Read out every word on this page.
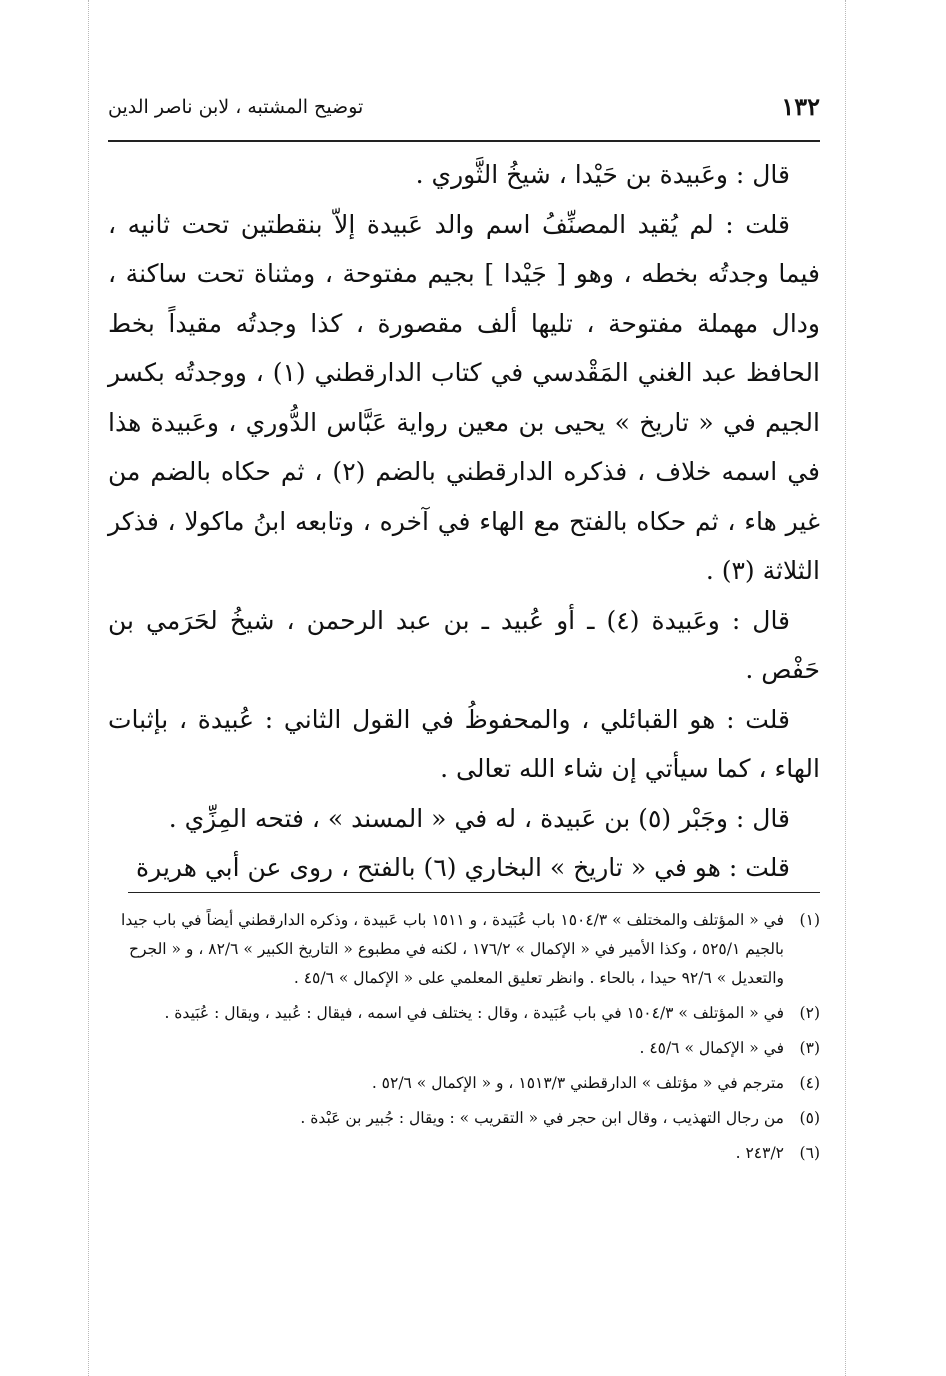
١٣٢
توضيح المشتبه ، لابن ناصر الدين

قال : وعَبيدة بن حَيْدا ، شيخُ الثَّوري .

قلت : لم يُقيد المصنِّفُ اسم والد عَبيدة إلاّ بنقطتين تحت ثانيه ، فيما وجدتُه بخطه ، وهو [ جَيْدا ] بجيم مفتوحة ، ومثناة تحت ساكنة ، ودال مهملة مفتوحة ، تليها ألف مقصورة ، كذا وجدتُه مقيداً بخط الحافظ عبد الغني المَقْدسي في كتاب الدارقطني (١) ، ووجدتُه بكسر الجيم في « تاريخ » يحيى بن معين رواية عَبَّاس الدُّوري ، وعَبيدة هذا في اسمه خلاف ، فذكره الدارقطني بالضم (٢) ، ثم حكاه بالضم من غير هاء ، ثم حكاه بالفتح مع الهاء في آخره ، وتابعه ابنُ ماكولا ، فذكر الثلاثة (٣) .

قال : وعَبيدة (٤) ـ أو عُبيد ـ بن عبد الرحمن ، شيخُ لحَرَمي بن حَفْص .

قلت : هو القبائلي ، والمحفوظُ في القول الثاني : عُبيدة ، بإثبات الهاء ، كما سيأتي إن شاء الله تعالى .

قال : وجَبْر (٥) بن عَبيدة ، له في « المسند » ، فتحه المِزِّي .

قلت : هو في « تاريخ » البخاري (٦) بالفتح ، روى عن أبي هريرة

(١)
في « المؤتلف والمختلف » ١٥٠٤/٣ باب عُبَيدة ، و ١٥١١ باب عَبيدة ، وذكره الدارقطني أيضاً في باب جيدا بالجيم ٥٢٥/١ ، وكذا الأمير في « الإكمال » ١٧٦/٢ ، لكنه في مطبوع « التاريخ الكبير » ٨٢/٦ ، و « الجرح والتعديل » ٩٢/٦ حيدا ، بالحاء . وانظر تعليق المعلمي على « الإكمال » ٤٥/٦ .
(٢)
في « المؤتلف » ١٥٠٤/٣ في باب عُبَيدة ، وقال : يختلف في اسمه ، فيقال : عُبيد ، ويقال : عُبَيدة .
(٣)
في « الإكمال » ٤٥/٦ .
(٤)
مترجم في « مؤتلف » الدارقطني ١٥١٣/٣ ، و « الإكمال » ٥٢/٦ .
(٥)
من رجال التهذيب ، وقال ابن حجر في « التقريب » : ويقال : جُبير بن عَبْدة .
(٦)
٢٤٣/٢ .
